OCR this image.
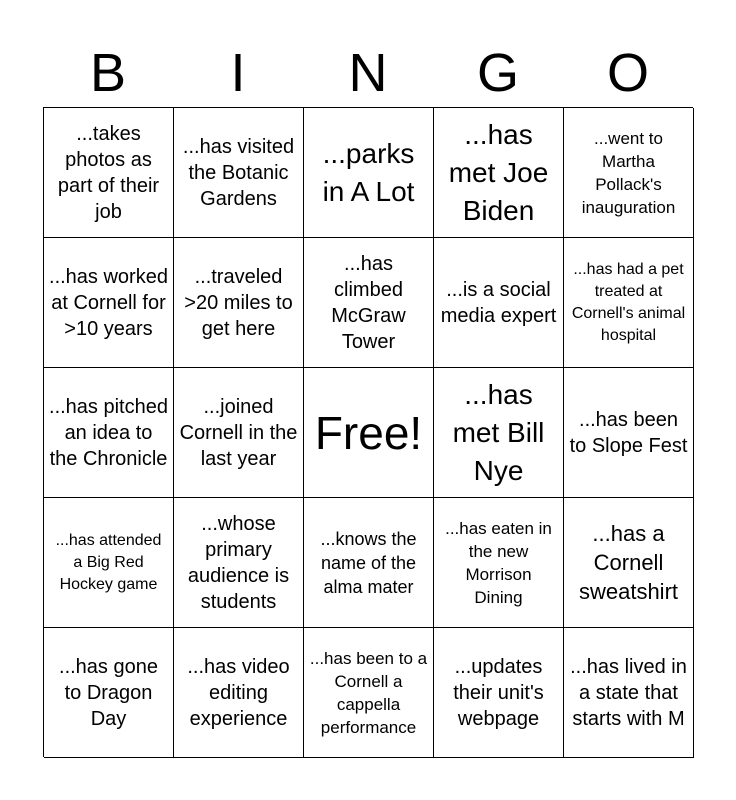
B	I	N	G	O
...takes photos as part of their job
...has visited the Botanic Gardens
...parks in A Lot
...has met Joe Biden
...went to Martha Pollack's inauguration
...has worked at Cornell for >10 years
...traveled >20 miles to get here
...has climbed McGraw Tower
...is a social media expert
...has had a pet treated at Cornell's animal hospital
...has pitched an idea to the Chronicle
...joined Cornell in the last year Free!
...has met Bill Nye
...has been to Slope Fest
...has attended a Big Red Hockey game
...whose primary audience is students
...knows the name of the alma mater
...has eaten in the new Morrison Dining
...has a Cornell sweatshirt
...has gone to Dragon Day
...has video editing experience
...has been to a Cornell a cappella performance
...updates their unit's webpage
...has lived in a state that starts with M
